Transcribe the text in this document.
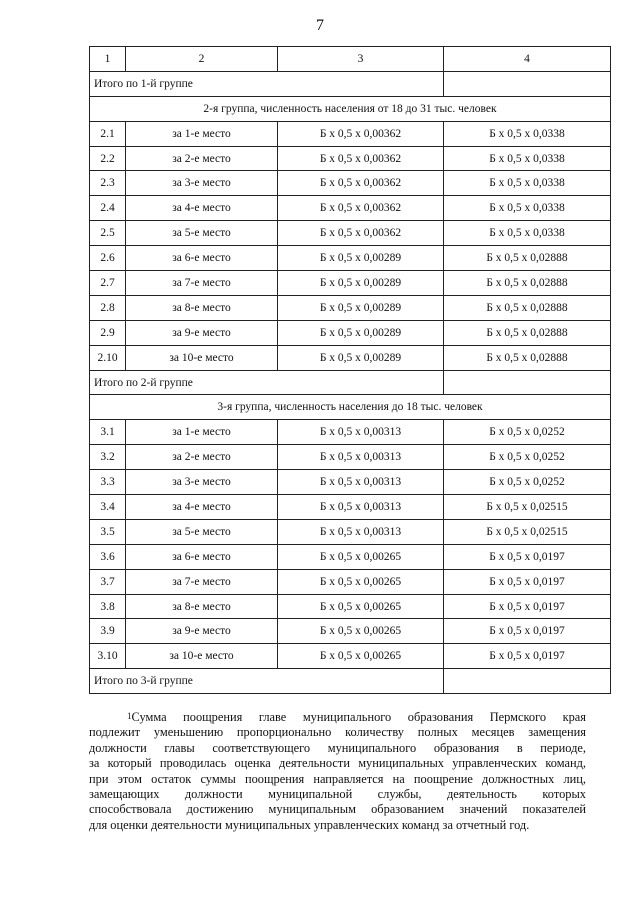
7
1	2	3	4
Итого по 1-й группе			
2-я группа, численность населения от 18 до 31 тыс. человек			
2.1	за 1-е место	Б х 0,5 х 0,00362	Б х 0,5 х 0,0338
2.2	за 2-е место	Б х 0,5 х 0,00362	Б х 0,5 х 0,0338
2.3	за 3-е место	Б х 0,5 х 0,00362	Б х 0,5 х 0,0338
2.4	за 4-е место	Б х 0,5 х 0,00362	Б х 0,5 х 0,0338
2.5	за 5-е место	Б х 0,5 х 0,00362	Б х 0,5 х 0,0338
2.6	за 6-е место	Б х 0,5 х 0,00289	Б х 0,5 х 0,02888
2.7	за 7-е место	Б х 0,5 х 0,00289	Б х 0,5 х 0,02888
2.8	за 8-е место	Б х 0,5 х 0,00289	Б х 0,5 х 0,02888
2.9	за 9-е место	Б х 0,5 х 0,00289	Б х 0,5 х 0,02888
2.10	за 10-е место	Б х 0,5 х 0,00289	Б х 0,5 х 0,02888
Итого по 2-й группе			
3-я группа, численность населения до 18 тыс. человек			
3.1	за 1-е место	Б х 0,5 х 0,00313	Б х 0,5 х 0,0252
3.2	за 2-е место	Б х 0,5 х 0,00313	Б х 0,5 х 0,0252
3.3	за 3-е место	Б х 0,5 х 0,00313	Б х 0,5 х 0,0252
3.4	за 4-е место	Б х 0,5 х 0,00313	Б х 0,5 х 0,02515
3.5	за 5-е место	Б х 0,5 х 0,00313	Б х 0,5 х 0,02515
3.6	за 6-е место	Б х 0,5 х 0,00265	Б х 0,5 х 0,0197
3.7	за 7-е место	Б х 0,5 х 0,00265	Б х 0,5 х 0,0197
3.8	за 8-е место	Б х 0,5 х 0,00265	Б х 0,5 х 0,0197
3.9	за 9-е место	Б х 0,5 х 0,00265	Б х 0,5 х 0,0197
3.10	за 10-е место	Б х 0,5 х 0,00265	Б х 0,5 х 0,0197
Итого по 3-й группе			
$^1$Сумма поощрения главе муниципального образования Пермского края
подлежит уменьшению пропорционально количеству полных месяцев замещения
должности главы соответствующего муниципального образования в периоде,
за который проводилась оценка деятельности муниципальных управленческих команд,
при этом остаток суммы поощрения направляется на поощрение должностных лиц,
замещающих должности муниципальной службы, деятельность которых
способствовала достижению муниципальным образованием значений показателей
для оценки деятельности муниципальных управленческих команд за отчетный год.
